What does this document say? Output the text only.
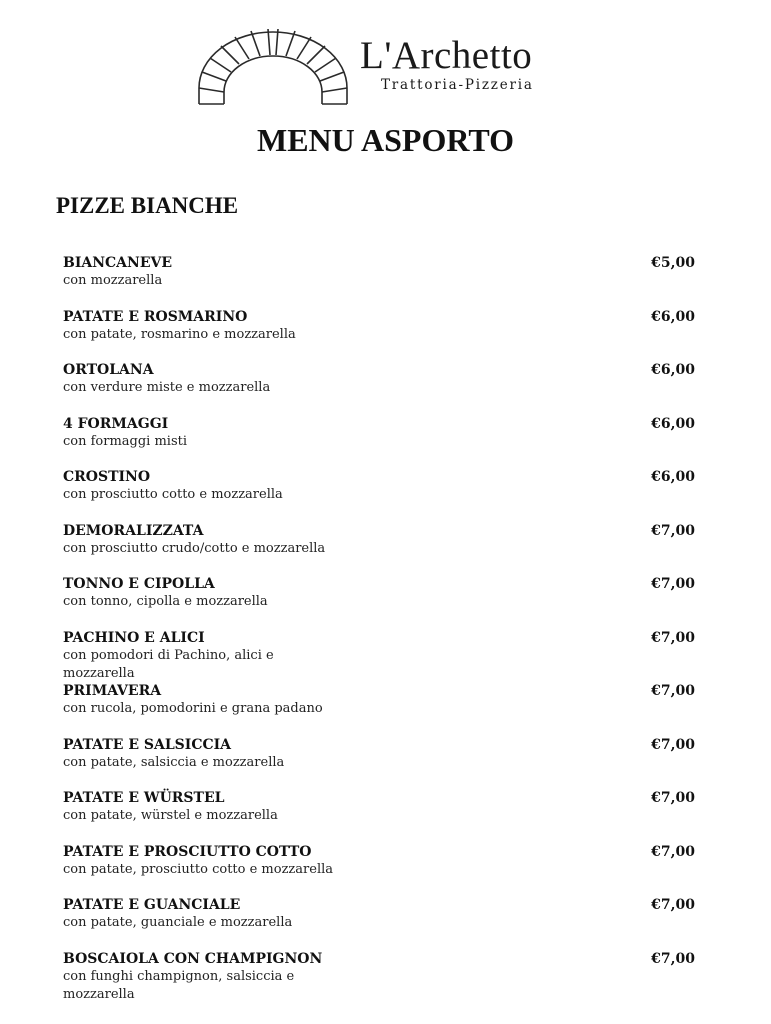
L'Archetto
Trattoria-Pizzeria
MENU ASPORTO
PIZZE BIANCHE
BIANCANEVE
con mozzarella
€5,00
PATATE E ROSMARINO
con patate, rosmarino e mozzarella
€6,00
ORTOLANA
con verdure miste e mozzarella
€6,00
4 FORMAGGI
con formaggi misti
€6,00
CROSTINO
con prosciutto cotto e mozzarella
€6,00
DEMORALIZZATA
con prosciutto crudo/cotto e mozzarella
€7,00
TONNO E CIPOLLA
con tonno, cipolla e mozzarella
€7,00
PACHINO E ALICI
con pomodori di Pachino, alici e mozzarella
€7,00
PRIMAVERA
con rucola, pomodorini e grana padano
€7,00
PATATE E SALSICCIA
con patate, salsiccia e mozzarella
€7,00
PATATE E WÜRSTEL
con patate, würstel e mozzarella
€7,00
PATATE E PROSCIUTTO COTTO
con patate, prosciutto cotto e mozzarella
€7,00
PATATE E GUANCIALE
con patate, guanciale e mozzarella
€7,00
BOSCAIOLA CON CHAMPIGNON
con funghi champignon, salsiccia e mozzarella
€7,00
